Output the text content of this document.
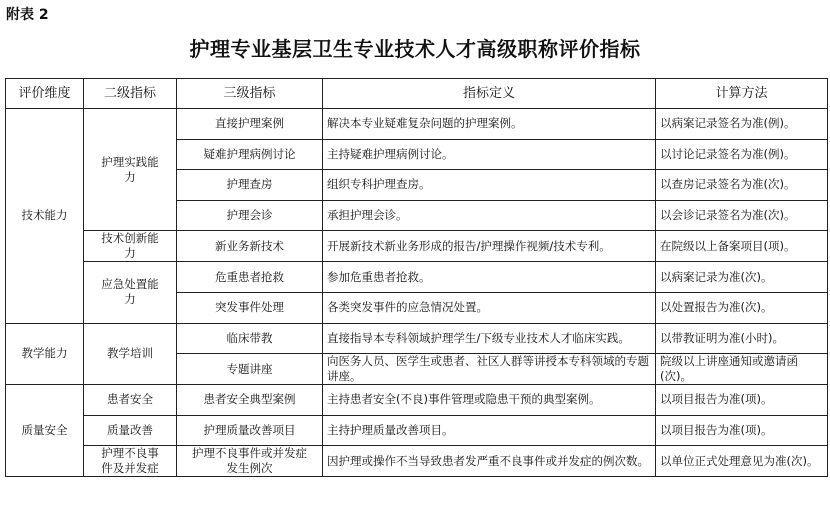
附表 2
护理专业基层卫生专业技术人才高级职称评价指标
评价维度	二级指标	三级指标	指标定义	计算方法
技术能力	护理实践能力	直接护理案例	解决本专业疑难复杂问题的护理案例。	以病案记录签名为准(例)。
		疑难护理病例讨论	主持疑难护理病例讨论。	以讨论记录签名为准(例)。
		护理查房	组织专科护理查房。	以查房记录签名为准(次)。
		护理会诊	承担护理会诊。	以会诊记录签名为准(次)。
	技术创新能力	新业务新技术	开展新技术新业务形成的报告/护理操作视频/技术专利。	在院级以上备案项目(项)。
	应急处置能力	危重患者抢救	参加危重患者抢救。	以病案记录为准(次)。
		突发事件处理	各类突发事件的应急情况处置。	以处置报告为准(次)。
教学能力	教学培训	临床带教	直接指导本专科领域护理学生/下级专业技术人才临床实践。	以带教证明为准(小时)。
		专题讲座	向医务人员、医学生或患者、社区人群等讲授本专科领域的专题讲座。	院级以上讲座通知或邀请函(次)。
质量安全	患者安全	患者安全典型案例	主持患者安全(不良)事件管理或隐患干预的典型案例。	以项目报告为准(项)。
	质量改善	护理质量改善项目	主持护理质量改善项目。	以项目报告为准(项)。
	护理不良事件及并发症	护理不良事件或并发症发生例次	因护理或操作不当导致患者发严重不良事件或并发症的例次数。	以单位正式处理意见为准(次)。
